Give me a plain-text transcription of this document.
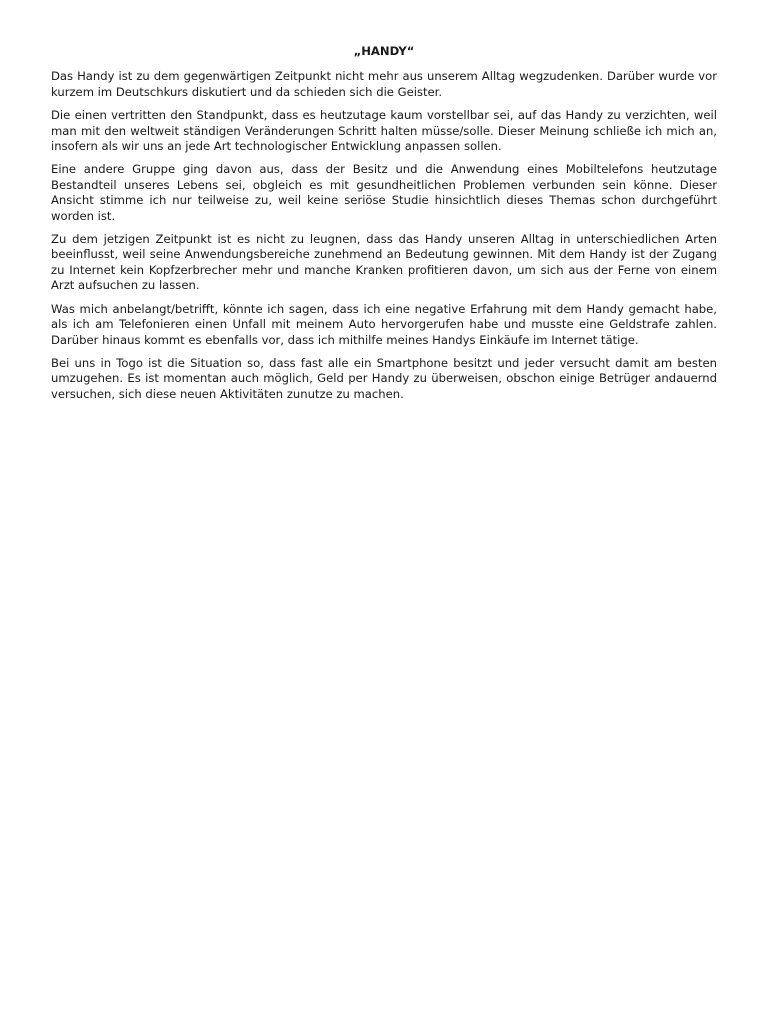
„HANDY“

Das Handy ist zu dem gegenwärtigen Zeitpunkt nicht mehr aus unserem Alltag wegzudenken. Darüber wurde vor kurzem im Deutschkurs diskutiert und da schieden sich die Geister.

Die einen vertritten den Standpunkt, dass es heutzutage kaum vorstellbar sei, auf das Handy zu verzichten, weil man mit den weltweit ständigen Veränderungen Schritt halten müsse/solle. Dieser Meinung schließe ich mich an, insofern als wir uns an jede Art technologischer Entwicklung anpassen sollen.

Eine andere Gruppe ging davon aus, dass der Besitz und die Anwendung eines Mobiltelefons heutzutage Bestandteil unseres Lebens sei, obgleich es mit gesundheitlichen Problemen verbunden sein könne. Dieser Ansicht stimme ich nur teilweise zu, weil keine seriöse Studie hinsichtlich dieses Themas schon durchgeführt worden ist.

Zu dem jetzigen Zeitpunkt ist es nicht zu leugnen, dass das Handy unseren Alltag in unterschiedlichen Arten beeinflusst, weil seine Anwendungsbereiche zunehmend an Bedeutung gewinnen. Mit dem Handy ist der Zugang zu Internet kein Kopfzerbrecher mehr und manche Kranken profitieren davon, um sich aus der Ferne von einem Arzt aufsuchen zu lassen.

Was mich anbelangt/betrifft, könnte ich sagen, dass ich eine negative Erfahrung mit dem Handy gemacht habe, als ich am Telefonieren einen Unfall mit meinem Auto hervorgerufen habe und musste eine Geldstrafe zahlen. Darüber hinaus kommt es ebenfalls vor, dass ich mithilfe meines Handys Einkäufe im Internet tätige.

Bei uns in Togo ist die Situation so, dass fast alle ein Smartphone besitzt und jeder versucht damit am besten umzugehen. Es ist momentan auch möglich, Geld per Handy zu überweisen, obschon einige Betrüger andauernd versuchen, sich diese neuen Aktivitäten zunutze zu machen.
